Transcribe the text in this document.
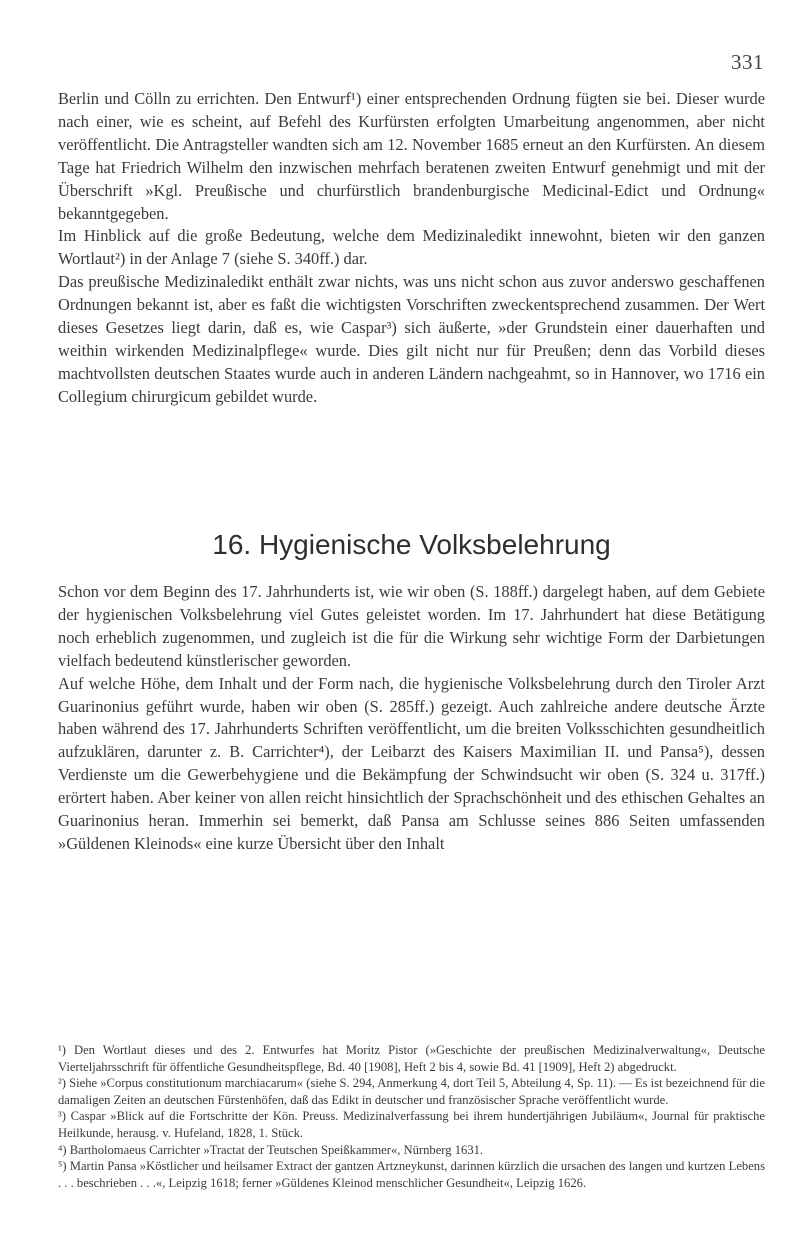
331

Berlin und Cölln zu errichten. Den Entwurf¹) einer entsprechenden Ordnung fügten sie bei. Dieser wurde nach einer, wie es scheint, auf Befehl des Kurfürsten erfolgten Umarbeitung angenommen, aber nicht veröffentlicht. Die Antragsteller wandten sich am 12. November 1685 erneut an den Kurfürsten. An diesem Tage hat Friedrich Wilhelm den inzwischen mehrfach beratenen zweiten Entwurf genehmigt und mit der Überschrift »Kgl. Preußische und churfürstlich brandenburgische Medicinal-Edict und Ordnung« bekanntgegeben.

Im Hinblick auf die große Bedeutung, welche dem Medizinaledikt innewohnt, bieten wir den ganzen Wortlaut²) in der Anlage 7 (siehe S. 340ff.) dar.

Das preußische Medizinaledikt enthält zwar nichts, was uns nicht schon aus zuvor anderswo geschaffenen Ordnungen bekannt ist, aber es faßt die wichtigsten Vorschriften zweckentsprechend zusammen. Der Wert dieses Gesetzes liegt darin, daß es, wie Caspar³) sich äußerte, »der Grundstein einer dauerhaften und weithin wirkenden Medizinalpflege« wurde. Dies gilt nicht nur für Preußen; denn das Vorbild dieses machtvollsten deutschen Staates wurde auch in anderen Ländern nachgeahmt, so in Hannover, wo 1716 ein Collegium chirurgicum gebildet wurde.

16. Hygienische Volksbelehrung

Schon vor dem Beginn des 17. Jahrhunderts ist, wie wir oben (S. 188ff.) dargelegt haben, auf dem Gebiete der hygienischen Volksbelehrung viel Gutes geleistet worden. Im 17. Jahrhundert hat diese Betätigung noch erheblich zugenommen, und zugleich ist die für die Wirkung sehr wichtige Form der Darbietungen vielfach bedeutend künstlerischer geworden.

Auf welche Höhe, dem Inhalt und der Form nach, die hygienische Volksbelehrung durch den Tiroler Arzt Guarinonius geführt wurde, haben wir oben (S. 285ff.) gezeigt. Auch zahlreiche andere deutsche Ärzte haben während des 17. Jahrhunderts Schriften veröffentlicht, um die breiten Volksschichten gesundheitlich aufzuklären, darunter z. B. Carrichter⁴), der Leibarzt des Kaisers Maximilian II. und Pansa⁵), dessen Verdienste um die Gewerbehygiene und die Bekämpfung der Schwindsucht wir oben (S. 324 u. 317ff.) erörtert haben. Aber keiner von allen reicht hinsichtlich der Sprachschönheit und des ethischen Gehaltes an Guarinonius heran. Immerhin sei bemerkt, daß Pansa am Schlusse seines 886 Seiten umfassenden »Güldenen Kleinods« eine kurze Übersicht über den Inhalt

¹) Den Wortlaut dieses und des 2. Entwurfes hat Moritz Pistor (»Geschichte der preußischen Medizinalverwaltung«, Deutsche Vierteljahrsschrift für öffentliche Gesundheitspflege, Bd. 40 [1908], Heft 2 bis 4, sowie Bd. 41 [1909], Heft 2) abgedruckt.

²) Siehe »Corpus constitutionum marchiacarum« (siehe S. 294, Anmerkung 4, dort Teil 5, Abteilung 4, Sp. 11). — Es ist bezeichnend für die damaligen Zeiten an deutschen Fürstenhöfen, daß das Edikt in deutscher und französischer Sprache veröffentlicht wurde.

³) Caspar »Blick auf die Fortschritte der Kön. Preuss. Medizinalverfassung bei ihrem hundertjährigen Jubiläum«, Journal für praktische Heilkunde, herausg. v. Hufeland, 1828, 1. Stück.

⁴) Bartholomaeus Carrichter »Tractat der Teutschen Speißkammer«, Nürnberg 1631.

⁵) Martin Pansa »Köstlicher und heilsamer Extract der gantzen Artzneykunst, darinnen kürzlich die ursachen des langen und kurtzen Lebens . . . beschrieben . . .«, Leipzig 1618; ferner »Güldenes Kleinod menschlicher Gesundheit«, Leipzig 1626.
